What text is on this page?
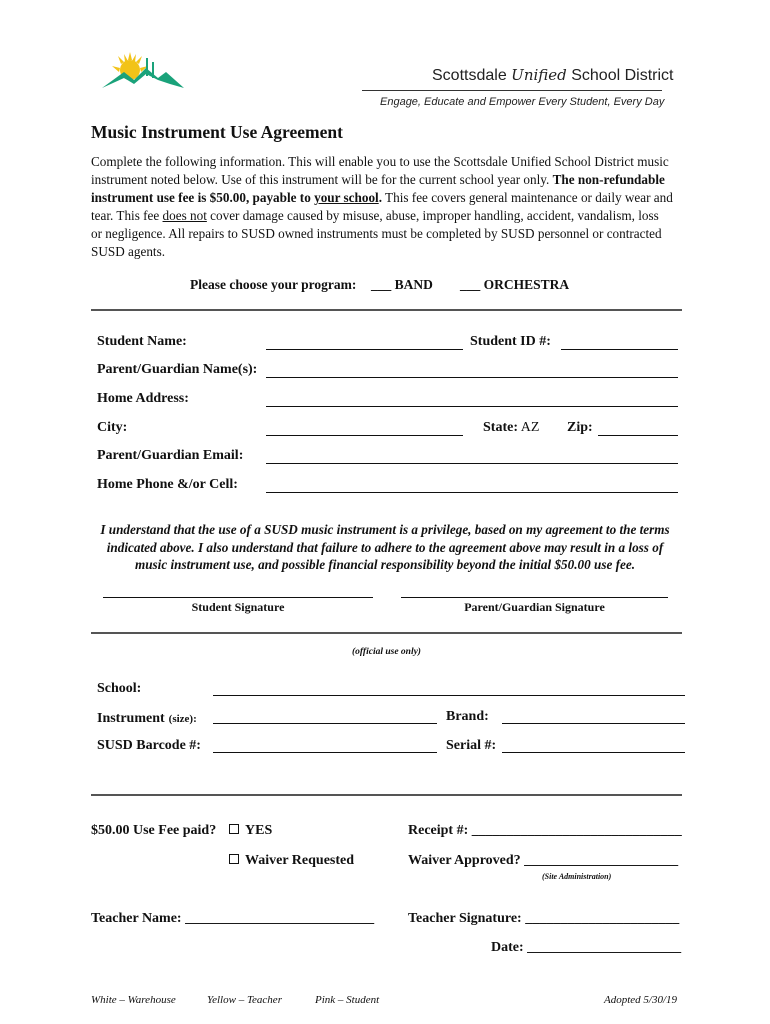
Scottsdale Unified School District
Engage, Educate and Empower Every Student, Every Day
Music Instrument Use Agreement
Complete the following information. This will enable you to use the Scottsdale Unified School District music instrument noted below. Use of this instrument will be for the current school year only. The non-refundable instrument use fee is $50.00, payable to your school. This fee covers general maintenance or daily wear and tear. This fee does not cover damage caused by misuse, abuse, improper handling, accident, vandalism, loss or negligence. All repairs to SUSD owned instruments must be completed by SUSD personnel or contracted SUSD agents.
Please choose your program: ___ BAND ___ ORCHESTRA
Student Name:	Student ID #:
Parent/Guardian Name(s):
Home Address:
City:	State: AZ Zip:
Parent/Guardian Email:
Home Phone &/or Cell:
I understand that the use of a SUSD music instrument is a privilege, based on my agreement to the terms indicated above. I also understand that failure to adhere to the agreement above may result in a loss of music instrument use, and possible financial responsibility beyond the initial $50.00 use fee.
Student Signature	Parent/Guardian Signature
(official use only)
School:
Instrument (size):	Brand:
SUSD Barcode #:	Serial #:
$50.00 Use Fee paid?	YES	Receipt #: ______________________________
Waiver Requested	Waiver Approved? ______________________
(Site Administration)
Teacher Name: ___________________________ Teacher Signature: ______________________
Date: ______________________
White – Warehouse	Yellow – Teacher	Pink – Student	Adopted 5/30/19
